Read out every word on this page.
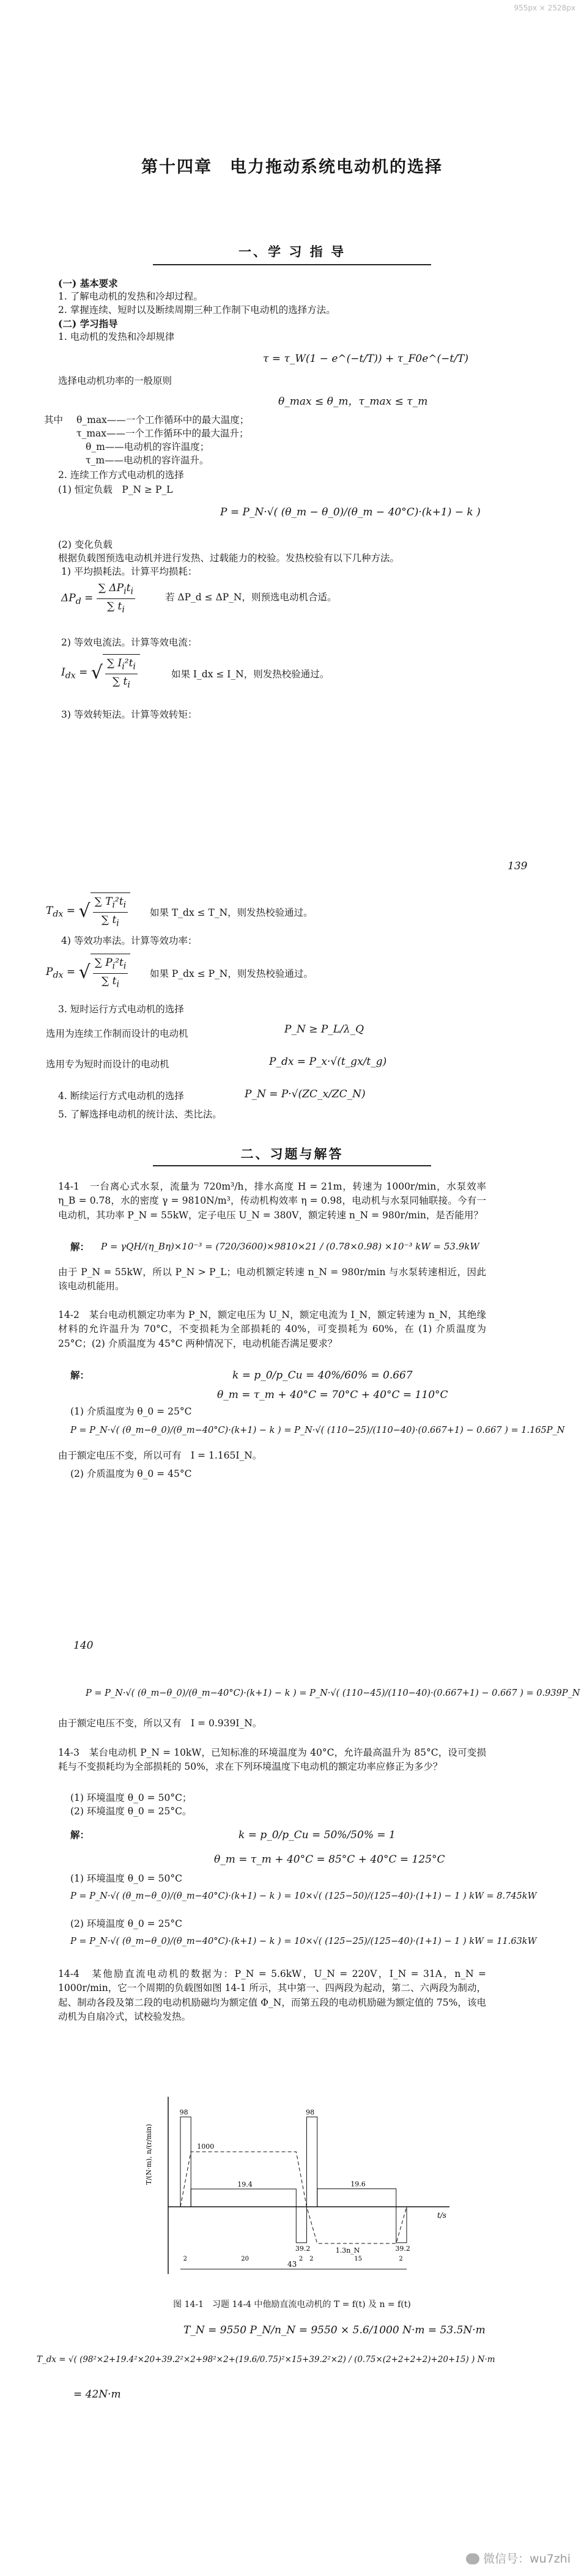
955px × 2528px
第十四章　电力拖动系统电动机的选择
一、学 习 指 导
(一) 基本要求
1. 了解电动机的发热和冷却过程。
2. 掌握连续、短时以及断续周期三种工作制下电动机的选择方法。
(二) 学习指导
1. 电动机的发热和冷却规律
τ = τ_W(1 − e^(−t/T)) + τ_F0e^(−t/T)
选择电动机功率的一般原则
θ_max ≤ θ_m，τ_max ≤ τ_m
其中 θ_max——一个工作循环中的最大温度；
τ_max——一个工作循环中的最大温升；
θ_m——电动机的容许温度；
τ_m——电动机的容许温升。
2. 连续工作方式电动机的选择
(1) 恒定负载　P_N ≥ P_L
P = P_N·√( (θ_m − θ_0)/(θ_m − 40°C)·(k+1) − k )
(2) 变化负载
根据负载图预选电动机并进行发热、过载能力的校验。发热校验有以下几种方法。
1) 平均损耗法。计算平均损耗：
$\Delta P_d = \frac{\sum \Delta P_it_i}{\sum t_i}$	若 ΔP_d ≤ ΔP_N，则预选电动机合适。
2) 等效电流法。计算等效电流：
$I_{dx}$ = √ $\frac{\sum I_i^2t_i}{\sum t_i}$	如果 I_dx ≤ I_N，则发热校验通过。
3) 等效转矩法。计算等效转矩：
139
$T_{dx}$ = √ $\frac{\sum T_i^2t_i}{\sum t_i}$ 如果 T_dx ≤ T_N，则发热校验通过。
4) 等效功率法。计算等效功率：
$P_{dx}$ = √ $\frac{\sum P_i^2t_i}{\sum t_i}$ 如果 P_dx ≤ P_N，则发热校验通过。
3. 短时运行方式电动机的选择
选用为连续工作制而设计的电动机	P_N ≥ P_L/λ_Q
选用专为短时而设计的电动机	P_dx = P_x·√(t_gx/t_g)
4. 断续运行方式电动机的选择	P_N = P·√(ZC_x/ZC_N)
5. 了解选择电动机的统计法、类比法。
二、习题与解答
14-1　一台离心式水泵，流量为 720m³/h，排水高度 H = 21m，转速为 1000r/min，水泵效率 η_B = 0.78，水的密度 γ = 9810N/m³，传动机构效率 η = 0.98，电动机与水泵同轴联接。今有一电动机，其功率 P_N = 55kW，定子电压 U_N = 380V，额定转速 n_N = 980r/min，是否能用？
解： P = γQH/(η_Bη)×10⁻³ = (720/3600)×9810×21 / (0.78×0.98) ×10⁻³ kW = 53.9kW
由于 P_N = 55kW，所以 P_N > P_L；电动机额定转速 n_N = 980r/min 与水泵转速相近，因此该电动机能用。
14-2　某台电动机额定功率为 P_N，额定电压为 U_N，额定电流为 I_N，额定转速为 n_N，其绝缘材料的允许温升为 70°C，不变损耗为全部损耗的 40%，可变损耗为 60%，在 (1) 介质温度为 25°C；(2) 介质温度为 45°C 两种情况下，电动机能否满足要求？
解：	k = p_0/p_Cu = 40%/60% = 0.667
θ_m = τ_m + 40°C = 70°C + 40°C = 110°C
(1) 介质温度为 θ_0 = 25°C
P = P_N·√( (θ_m−θ_0)/(θ_m−40°C)·(k+1) − k ) = P_N·√( (110−25)/(110−40)·(0.667+1) − 0.667 ) = 1.165P_N
由于额定电压不变，所以可有　I = 1.165I_N。
(2) 介质温度为 θ_0 = 45°C
140
P = P_N·√( (θ_m−θ_0)/(θ_m−40°C)·(k+1) − k ) = P_N·√( (110−45)/(110−40)·(0.667+1) − 0.667 ) = 0.939P_N
由于额定电压不变，所以又有　I = 0.939I_N。
14-3　某台电动机 P_N = 10kW，已知标准的环境温度为 40°C，允许最高温升为 85°C，设可变损耗与不变损耗均为全部损耗的 50%，求在下列环境温度下电动机的额定功率应修正为多少？
(1) 环境温度 θ_0 = 50°C；
(2) 环境温度 θ_0 = 25°C。
解：	k = p_0/p_Cu = 50%/50% = 1
θ_m = τ_m + 40°C = 85°C + 40°C = 125°C
(1) 环境温度 θ_0 = 50°C
P = P_N·√( (θ_m−θ_0)/(θ_m−40°C)·(k+1) − k ) = 10×√( (125−50)/(125−40)·(1+1) − 1 ) kW = 8.745kW
(2) 环境温度 θ_0 = 25°C
P = P_N·√( (θ_m−θ_0)/(θ_m−40°C)·(k+1) − k ) = 10×√( (125−25)/(125−40)·(1+1) − 1 ) kW = 11.63kW
14-4　某他励直流电动机的数据为：P_N = 5.6kW，U_N = 220V，I_N = 31A，n_N = 1000r/min，它一个周期的负载图如图 14-1 所示，其中第一、四两段为起动，第二、六两段为制动，起、制动各段及第二段的电动机励磁均为额定值 Φ_N，而第五段的电动机励磁为额定值的 75%，该电动机为自扇冷式，试校验发热。
T/(N·m), n/(r/min)
t/s
1000
1.3n_N
98
2
19.4
20
39.2
2
98
2
19.6
15
39.2
2
43
图 14-1　习题 14-4 中他励直流电动机的 T = f(t) 及 n = f(t)
T_N = 9550 P_N/n_N = 9550 × 5.6/1000 N·m = 53.5N·m
T_dx = √( (98²×2+19.4²×20+39.2²×2+98²×2+(19.6/0.75)²×15+39.2²×2) / (0.75×(2+2+2+2)+20+15) ) N·m
= 42N·m
微信号：wu7zhi
